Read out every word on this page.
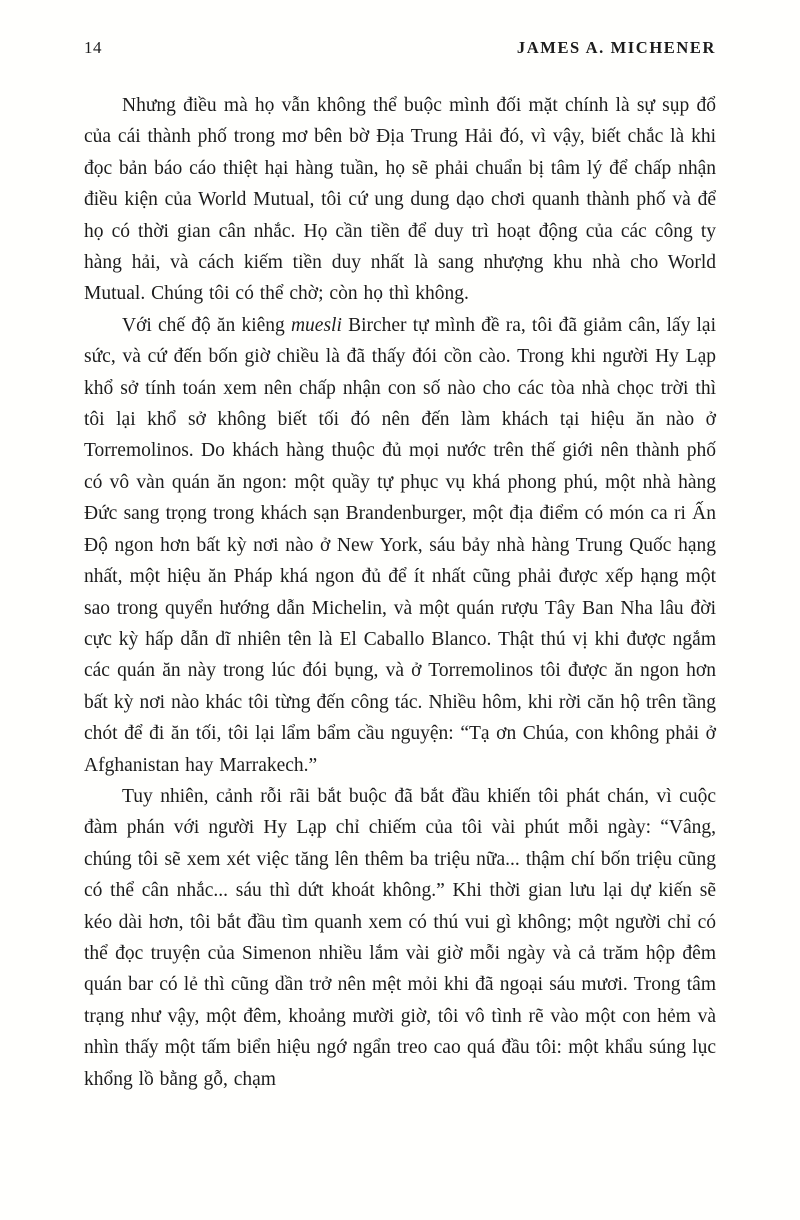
14	JAMES A. MICHENER

Nhưng điều mà họ vẫn không thể buộc mình đối mặt chính là sự sụp đổ của cái thành phố trong mơ bên bờ Địa Trung Hải đó, vì vậy, biết chắc là khi đọc bản báo cáo thiệt hại hàng tuần, họ sẽ phải chuẩn bị tâm lý để chấp nhận điều kiện của World Mutual, tôi cứ ung dung dạo chơi quanh thành phố và để họ có thời gian cân nhắc. Họ cần tiền để duy trì hoạt động của các công ty hàng hải, và cách kiếm tiền duy nhất là sang nhượng khu nhà cho World Mutual. Chúng tôi có thể chờ; còn họ thì không.

Với chế độ ăn kiêng muesli Bircher tự mình đề ra, tôi đã giảm cân, lấy lại sức, và cứ đến bốn giờ chiều là đã thấy đói cồn cào. Trong khi người Hy Lạp khổ sở tính toán xem nên chấp nhận con số nào cho các tòa nhà chọc trời thì tôi lại khổ sở không biết tối đó nên đến làm khách tại hiệu ăn nào ở Torremolinos. Do khách hàng thuộc đủ mọi nước trên thế giới nên thành phố có vô vàn quán ăn ngon: một quầy tự phục vụ khá phong phú, một nhà hàng Đức sang trọng trong khách sạn Brandenburger, một địa điểm có món ca ri Ấn Độ ngon hơn bất kỳ nơi nào ở New York, sáu bảy nhà hàng Trung Quốc hạng nhất, một hiệu ăn Pháp khá ngon đủ để ít nhất cũng phải được xếp hạng một sao trong quyển hướng dẫn Michelin, và một quán rượu Tây Ban Nha lâu đời cực kỳ hấp dẫn dĩ nhiên tên là El Caballo Blanco. Thật thú vị khi được ngắm các quán ăn này trong lúc đói bụng, và ở Torremolinos tôi được ăn ngon hơn bất kỳ nơi nào khác tôi từng đến công tác. Nhiều hôm, khi rời căn hộ trên tầng chót để đi ăn tối, tôi lại lẩm bẩm cầu nguyện: “Tạ ơn Chúa, con không phải ở Afghanistan hay Marrakech.”

Tuy nhiên, cảnh rỗi rãi bắt buộc đã bắt đầu khiến tôi phát chán, vì cuộc đàm phán với người Hy Lạp chỉ chiếm của tôi vài phút mỗi ngày: “Vâng, chúng tôi sẽ xem xét việc tăng lên thêm ba triệu nữa... thậm chí bốn triệu cũng có thể cân nhắc... sáu thì dứt khoát không.” Khi thời gian lưu lại dự kiến sẽ kéo dài hơn, tôi bắt đầu tìm quanh xem có thú vui gì không; một người chỉ có thể đọc truyện của Simenon nhiều lắm vài giờ mỗi ngày và cả trăm hộp đêm quán bar có lẻ thì cũng dần trở nên mệt mỏi khi đã ngoại sáu mươi. Trong tâm trạng như vậy, một đêm, khoảng mười giờ, tôi vô tình rẽ vào một con hẻm và nhìn thấy một tấm biển hiệu ngớ ngẩn treo cao quá đầu tôi: một khẩu súng lục khổng lồ bằng gỗ, chạm
